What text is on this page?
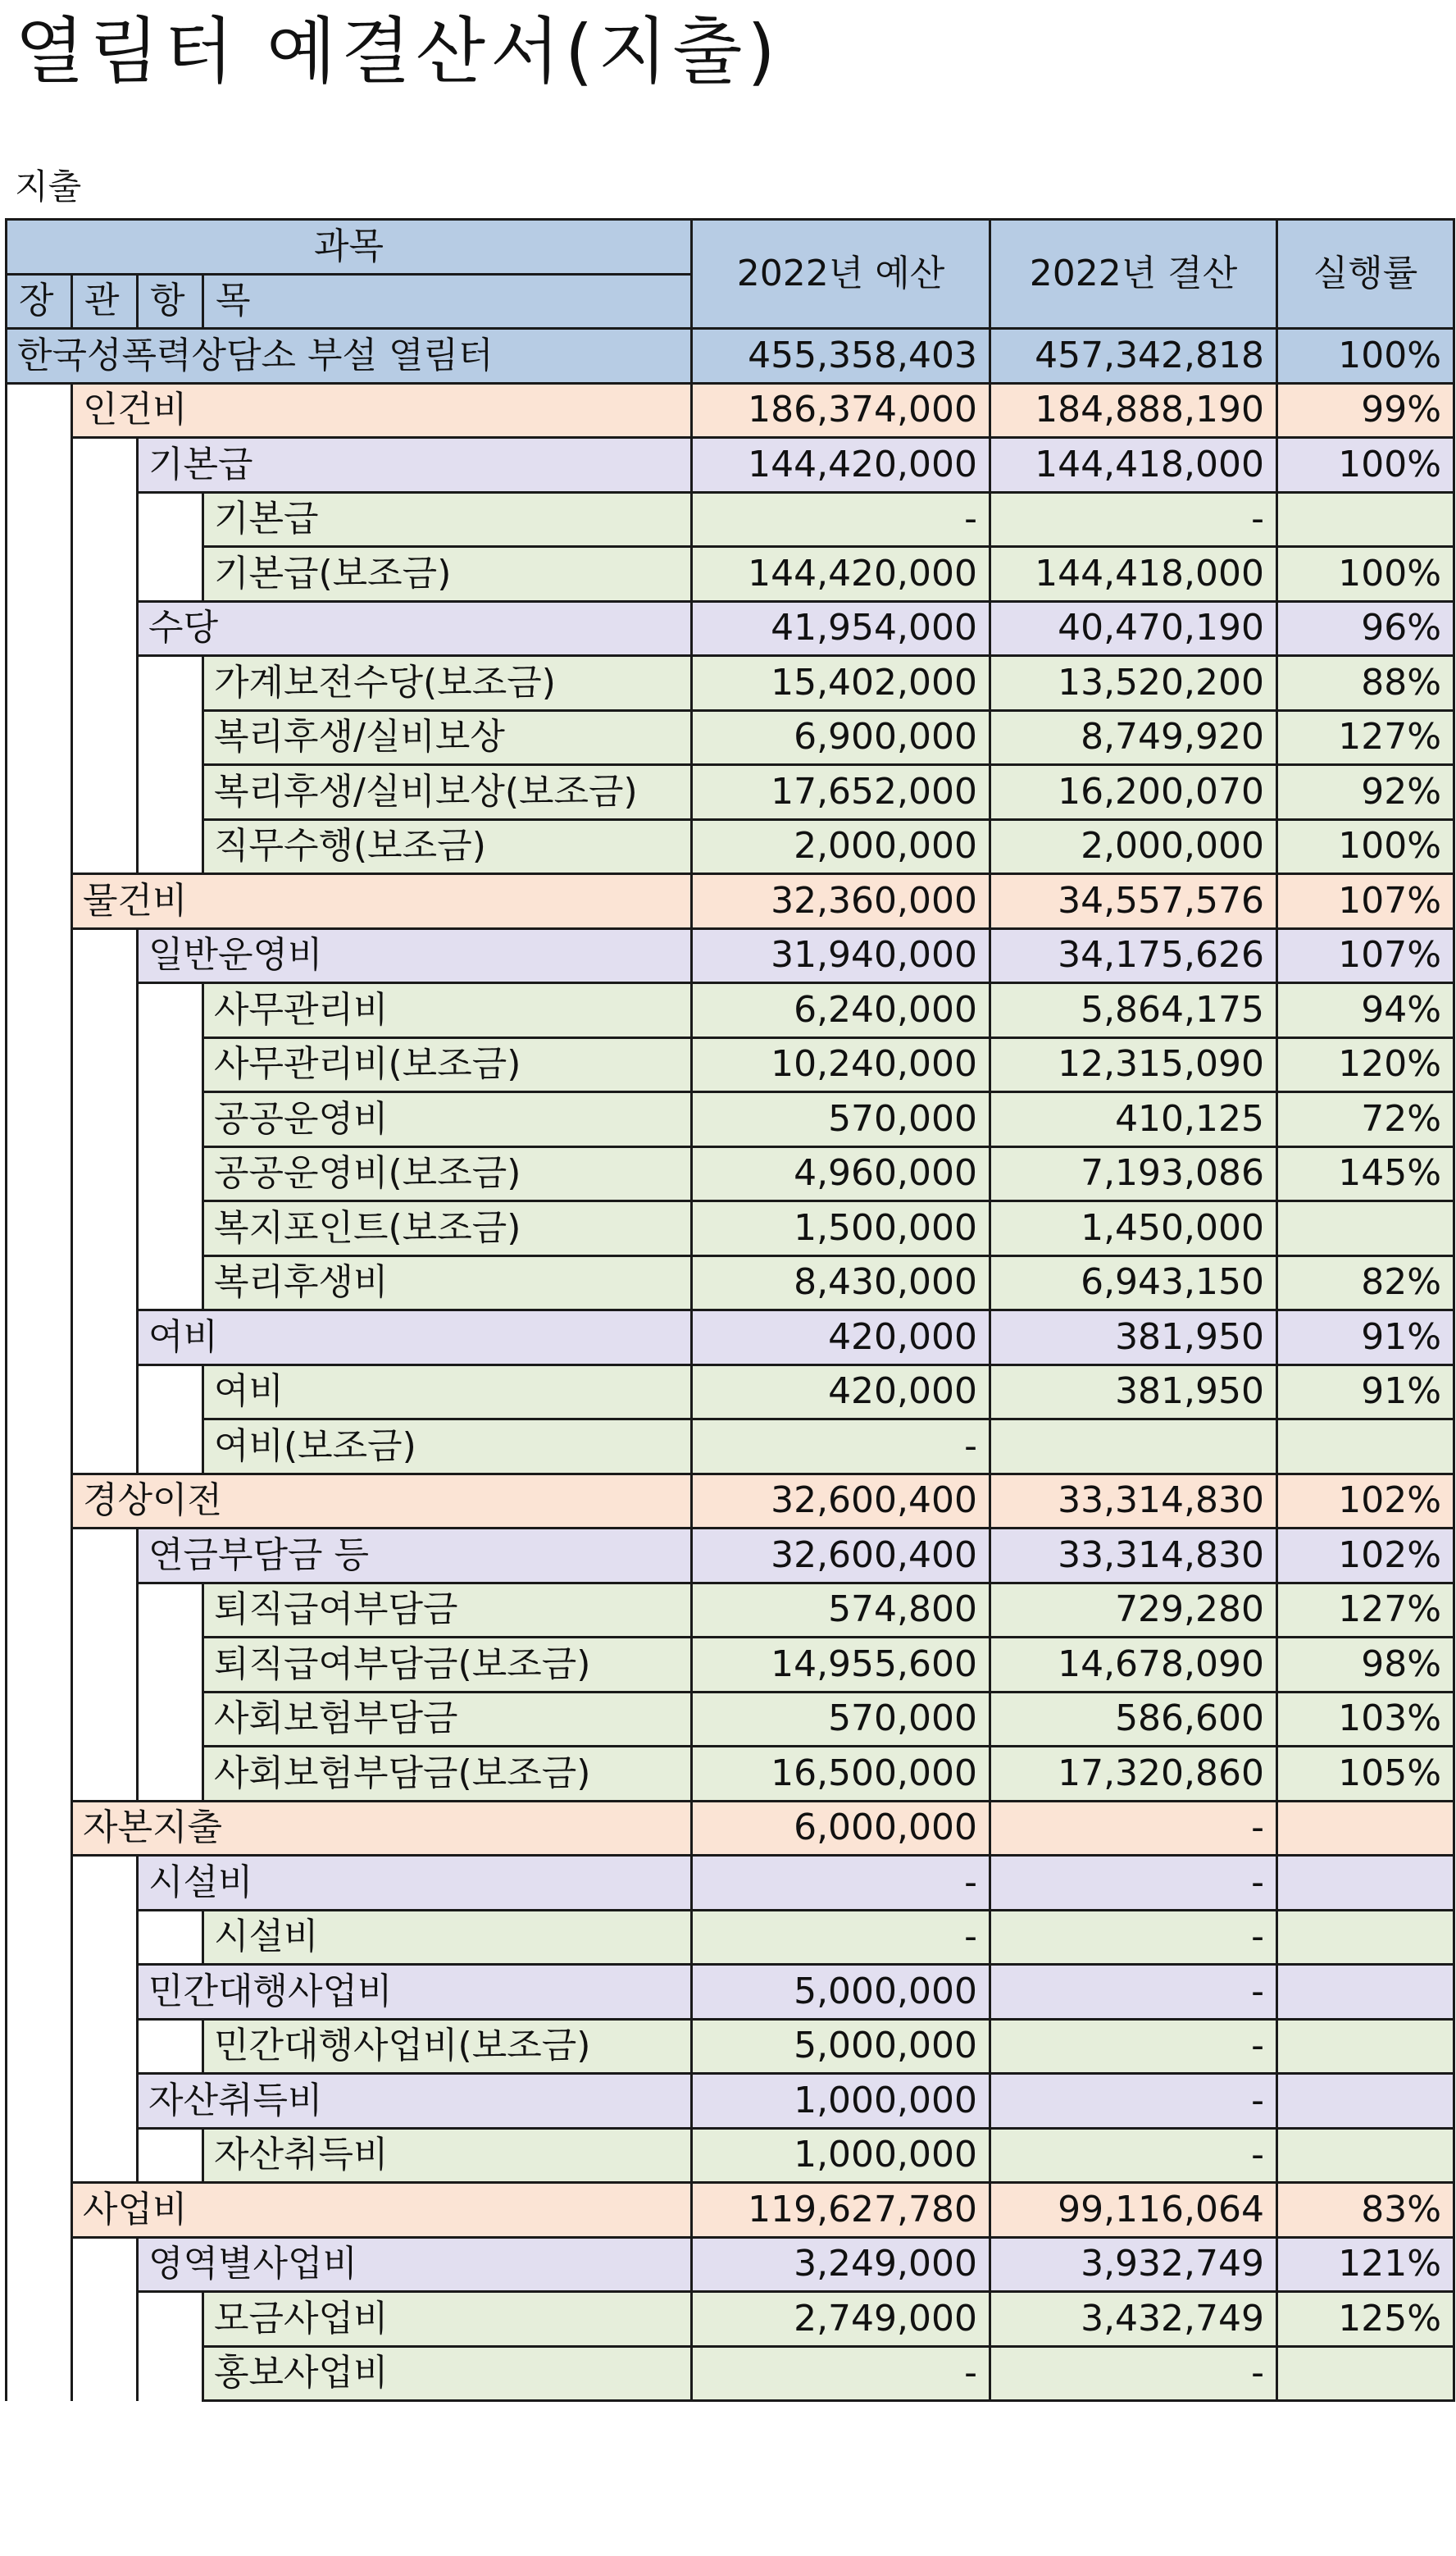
열림터 예결산서(지출)
지출
과목				2022년 예산	2022년 결산	실행률
장	관	항	목			
한국성폭력상담소 부설 열림터				455,358,403	457,342,818	100%
	인건비			186,374,000	184,888,190	99%
		기본급		144,420,000	144,418,000	100%
			기본급	-	-	
			기본급(보조금)	144,420,000	144,418,000	100%
		수당		41,954,000	40,470,190	96%
			가계보전수당(보조금)	15,402,000	13,520,200	88%
			복리후생/실비보상	6,900,000	8,749,920	127%
			복리후생/실비보상(보조금)	17,652,000	16,200,070	92%
			직무수행(보조금)	2,000,000	2,000,000	100%
	물건비			32,360,000	34,557,576	107%
		일반운영비		31,940,000	34,175,626	107%
			사무관리비	6,240,000	5,864,175	94%
			사무관리비(보조금)	10,240,000	12,315,090	120%
			공공운영비	570,000	410,125	72%
			공공운영비(보조금)	4,960,000	7,193,086	145%
			복지포인트(보조금)	1,500,000	1,450,000	
			복리후생비	8,430,000	6,943,150	82%
		여비		420,000	381,950	91%
			여비	420,000	381,950	91%
			여비(보조금)	-		
	경상이전			32,600,400	33,314,830	102%
		연금부담금 등		32,600,400	33,314,830	102%
			퇴직급여부담금	574,800	729,280	127%
			퇴직급여부담금(보조금)	14,955,600	14,678,090	98%
			사회보험부담금	570,000	586,600	103%
			사회보험부담금(보조금)	16,500,000	17,320,860	105%
	자본지출			6,000,000	-	
		시설비		-	-	
			시설비	-	-	
		민간대행사업비		5,000,000	-	
			민간대행사업비(보조금)	5,000,000	-	
		자산취득비		1,000,000	-	
			자산취득비	1,000,000	-	
	사업비			119,627,780	99,116,064	83%
		영역별사업비		3,249,000	3,932,749	121%
			모금사업비	2,749,000	3,432,749	125%
			홍보사업비	-	-	
